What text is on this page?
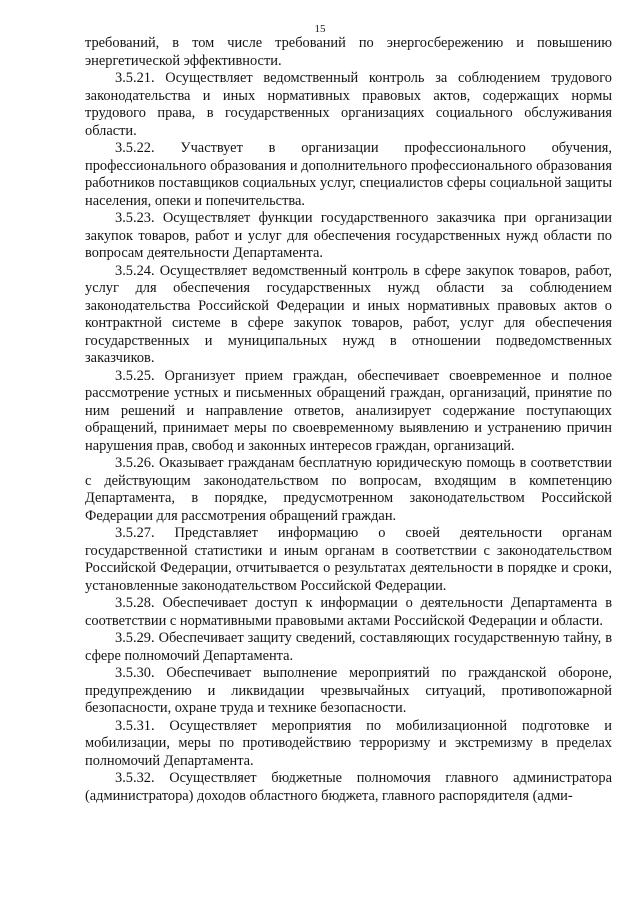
15

требований, в том числе требований по энергосбережению и повышению энергетической эффективности.

3.5.21. Осуществляет ведомственный контроль за соблюдением трудового законодательства и иных нормативных правовых актов, содержащих нормы трудового права, в государственных организациях социального обслуживания области.

3.5.22. Участвует в организации профессионального обучения, профессионального образования и дополнительного профессионального образования работников поставщиков социальных услуг, специалистов сферы социальной защиты населения, опеки и попечительства.

3.5.23. Осуществляет функции государственного заказчика при организации закупок товаров, работ и услуг для обеспечения государственных нужд области по вопросам деятельности Департамента.

3.5.24. Осуществляет ведомственный контроль в сфере закупок товаров, работ, услуг для обеспечения государственных нужд области за соблюдением законодательства Российской Федерации и иных нормативных правовых актов о контрактной системе в сфере закупок товаров, работ, услуг для обеспечения государственных и муниципальных нужд в отношении подведомственных заказчиков.

3.5.25. Организует прием граждан, обеспечивает своевременное и полное рассмотрение устных и письменных обращений граждан, организаций, принятие по ним решений и направление ответов, анализирует содержание поступающих обращений, принимает меры по своевременному выявлению и устранению причин нарушения прав, свобод и законных интересов граждан, организаций.

3.5.26. Оказывает гражданам бесплатную юридическую помощь в соответствии с действующим законодательством по вопросам, входящим в компетенцию Департамента, в порядке, предусмотренном законодательством Российской Федерации для рассмотрения обращений граждан.

3.5.27. Представляет информацию о своей деятельности органам государственной статистики и иным органам в соответствии с законодательством Российской Федерации, отчитывается о результатах деятельности в порядке и сроки, установленные законодательством Российской Федерации.

3.5.28. Обеспечивает доступ к информации о деятельности Департамента в соответствии с нормативными правовыми актами Российской Федерации и области.

3.5.29. Обеспечивает защиту сведений, составляющих государственную тайну, в сфере полномочий Департамента.

3.5.30. Обеспечивает выполнение мероприятий по гражданской обороне, предупреждению и ликвидации чрезвычайных ситуаций, противопожарной безопасности, охране труда и технике безопасности.

3.5.31. Осуществляет мероприятия по мобилизационной подготовке и мобилизации, меры по противодействию терроризму и экстремизму в пределах полномочий Департамента.

3.5.32. Осуществляет бюджетные полномочия главного администратора (администратора) доходов областного бюджета, главного распорядителя (адми-
